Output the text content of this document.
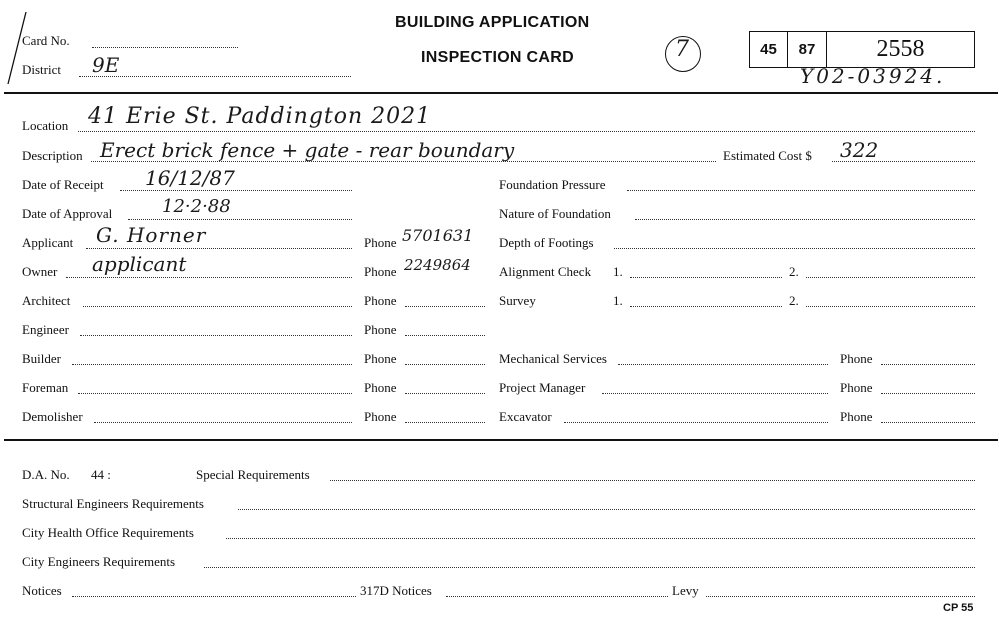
Card No.
District 9E
BUILDING APPLICATION
INSPECTION CARD	7	45 87	2558
Y02-03924.
Location 41 Erie St. Paddington 2021
Description Erect brick fence + gate - rear boundary	Estimated Cost $ 322
Date of Receipt 16/12/87
Date of Approval	12·2·88
Applicant G. Horner	Phone 5701631
Owner applicant	Phone 2249864
Architect	Phone
Engineer	Phone
Builder	Phone
Foreman	Phone
Demolisher	Phone
Foundation Pressure
Nature of Foundation
Depth of Footings
Alignment Check 1.	2.
Survey	1.	2.
Mechanical Services	Phone
Project Manager	Phone
Excavator	Phone
D.A. No. 44 :	Special Requirements
Structural Engineers Requirements
City Health Office Requirements
City Engineers Requirements
Notices	317D Notices	Levy
CP 55
